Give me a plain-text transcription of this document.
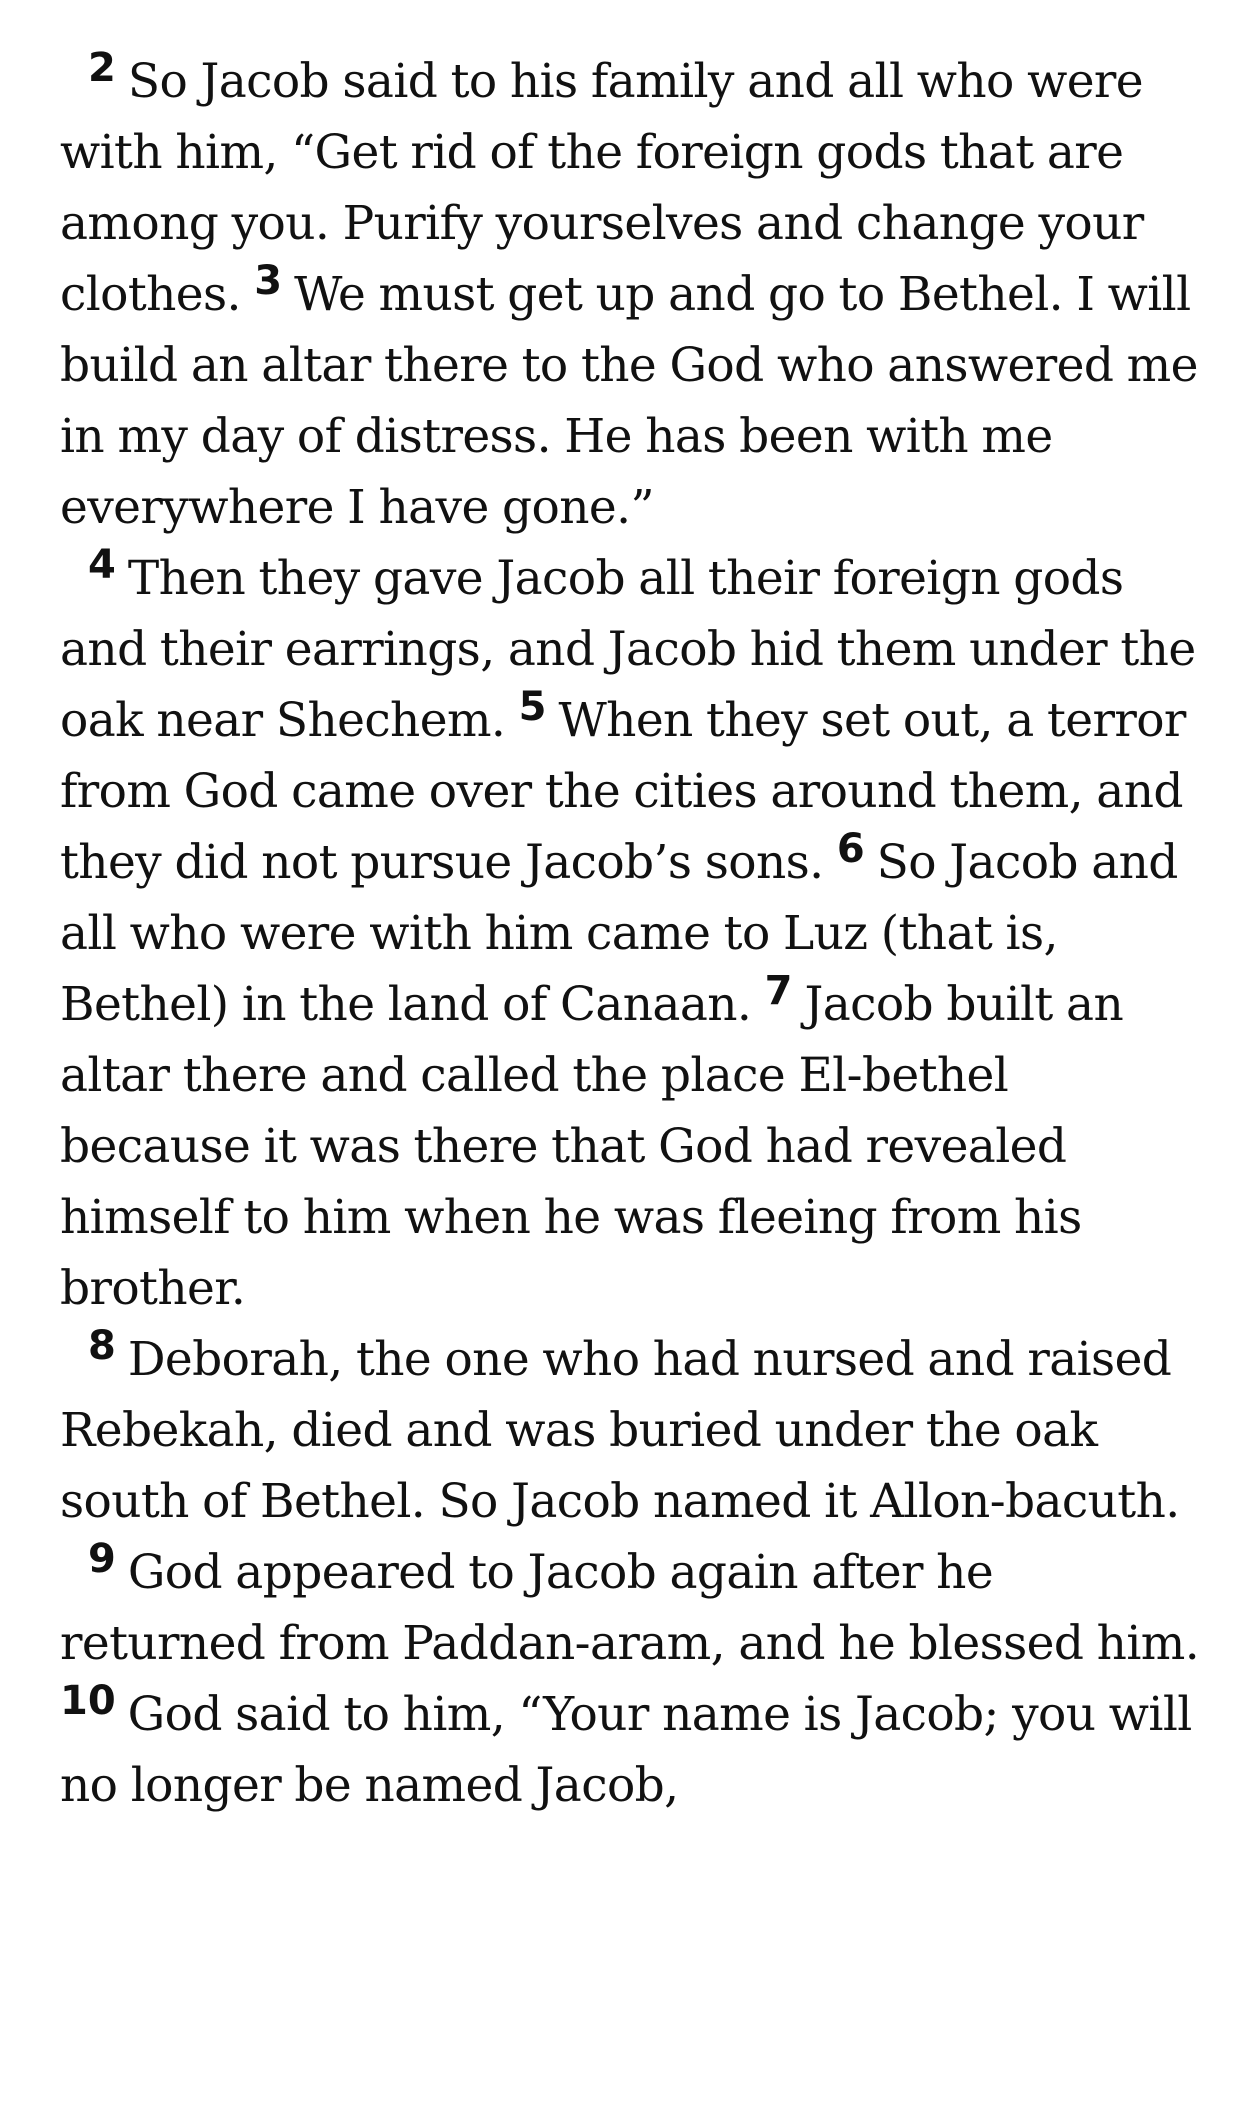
2 So Jacob said to his family and all who were with him, “Get rid of the foreign gods that are among you. Purify yourselves and change your clothes. 3 We must get up and go to Bethel. I will build an altar there to the God who answered me in my day of distress. He has been with me everywhere I have gone.”

4 Then they gave Jacob all their foreign gods and their earrings, and Jacob hid them under the oak near Shechem. 5 When they set out, a terror from God came over the cities around them, and they did not pursue Jacob’s sons. 6 So Jacob and all who were with him came to Luz (that is, Bethel) in the land of Canaan. 7 Jacob built an altar there and called the place El-bethel because it was there that God had revealed himself to him when he was fleeing from his brother.

8 Deborah, the one who had nursed and raised Rebekah, died and was buried under the oak south of Bethel. So Jacob named it Allon-bacuth.

9 God appeared to Jacob again after he returned from Paddan-aram, and he blessed him. 10 God said to him, “Your name is Jacob; you will no longer be named Jacob,
